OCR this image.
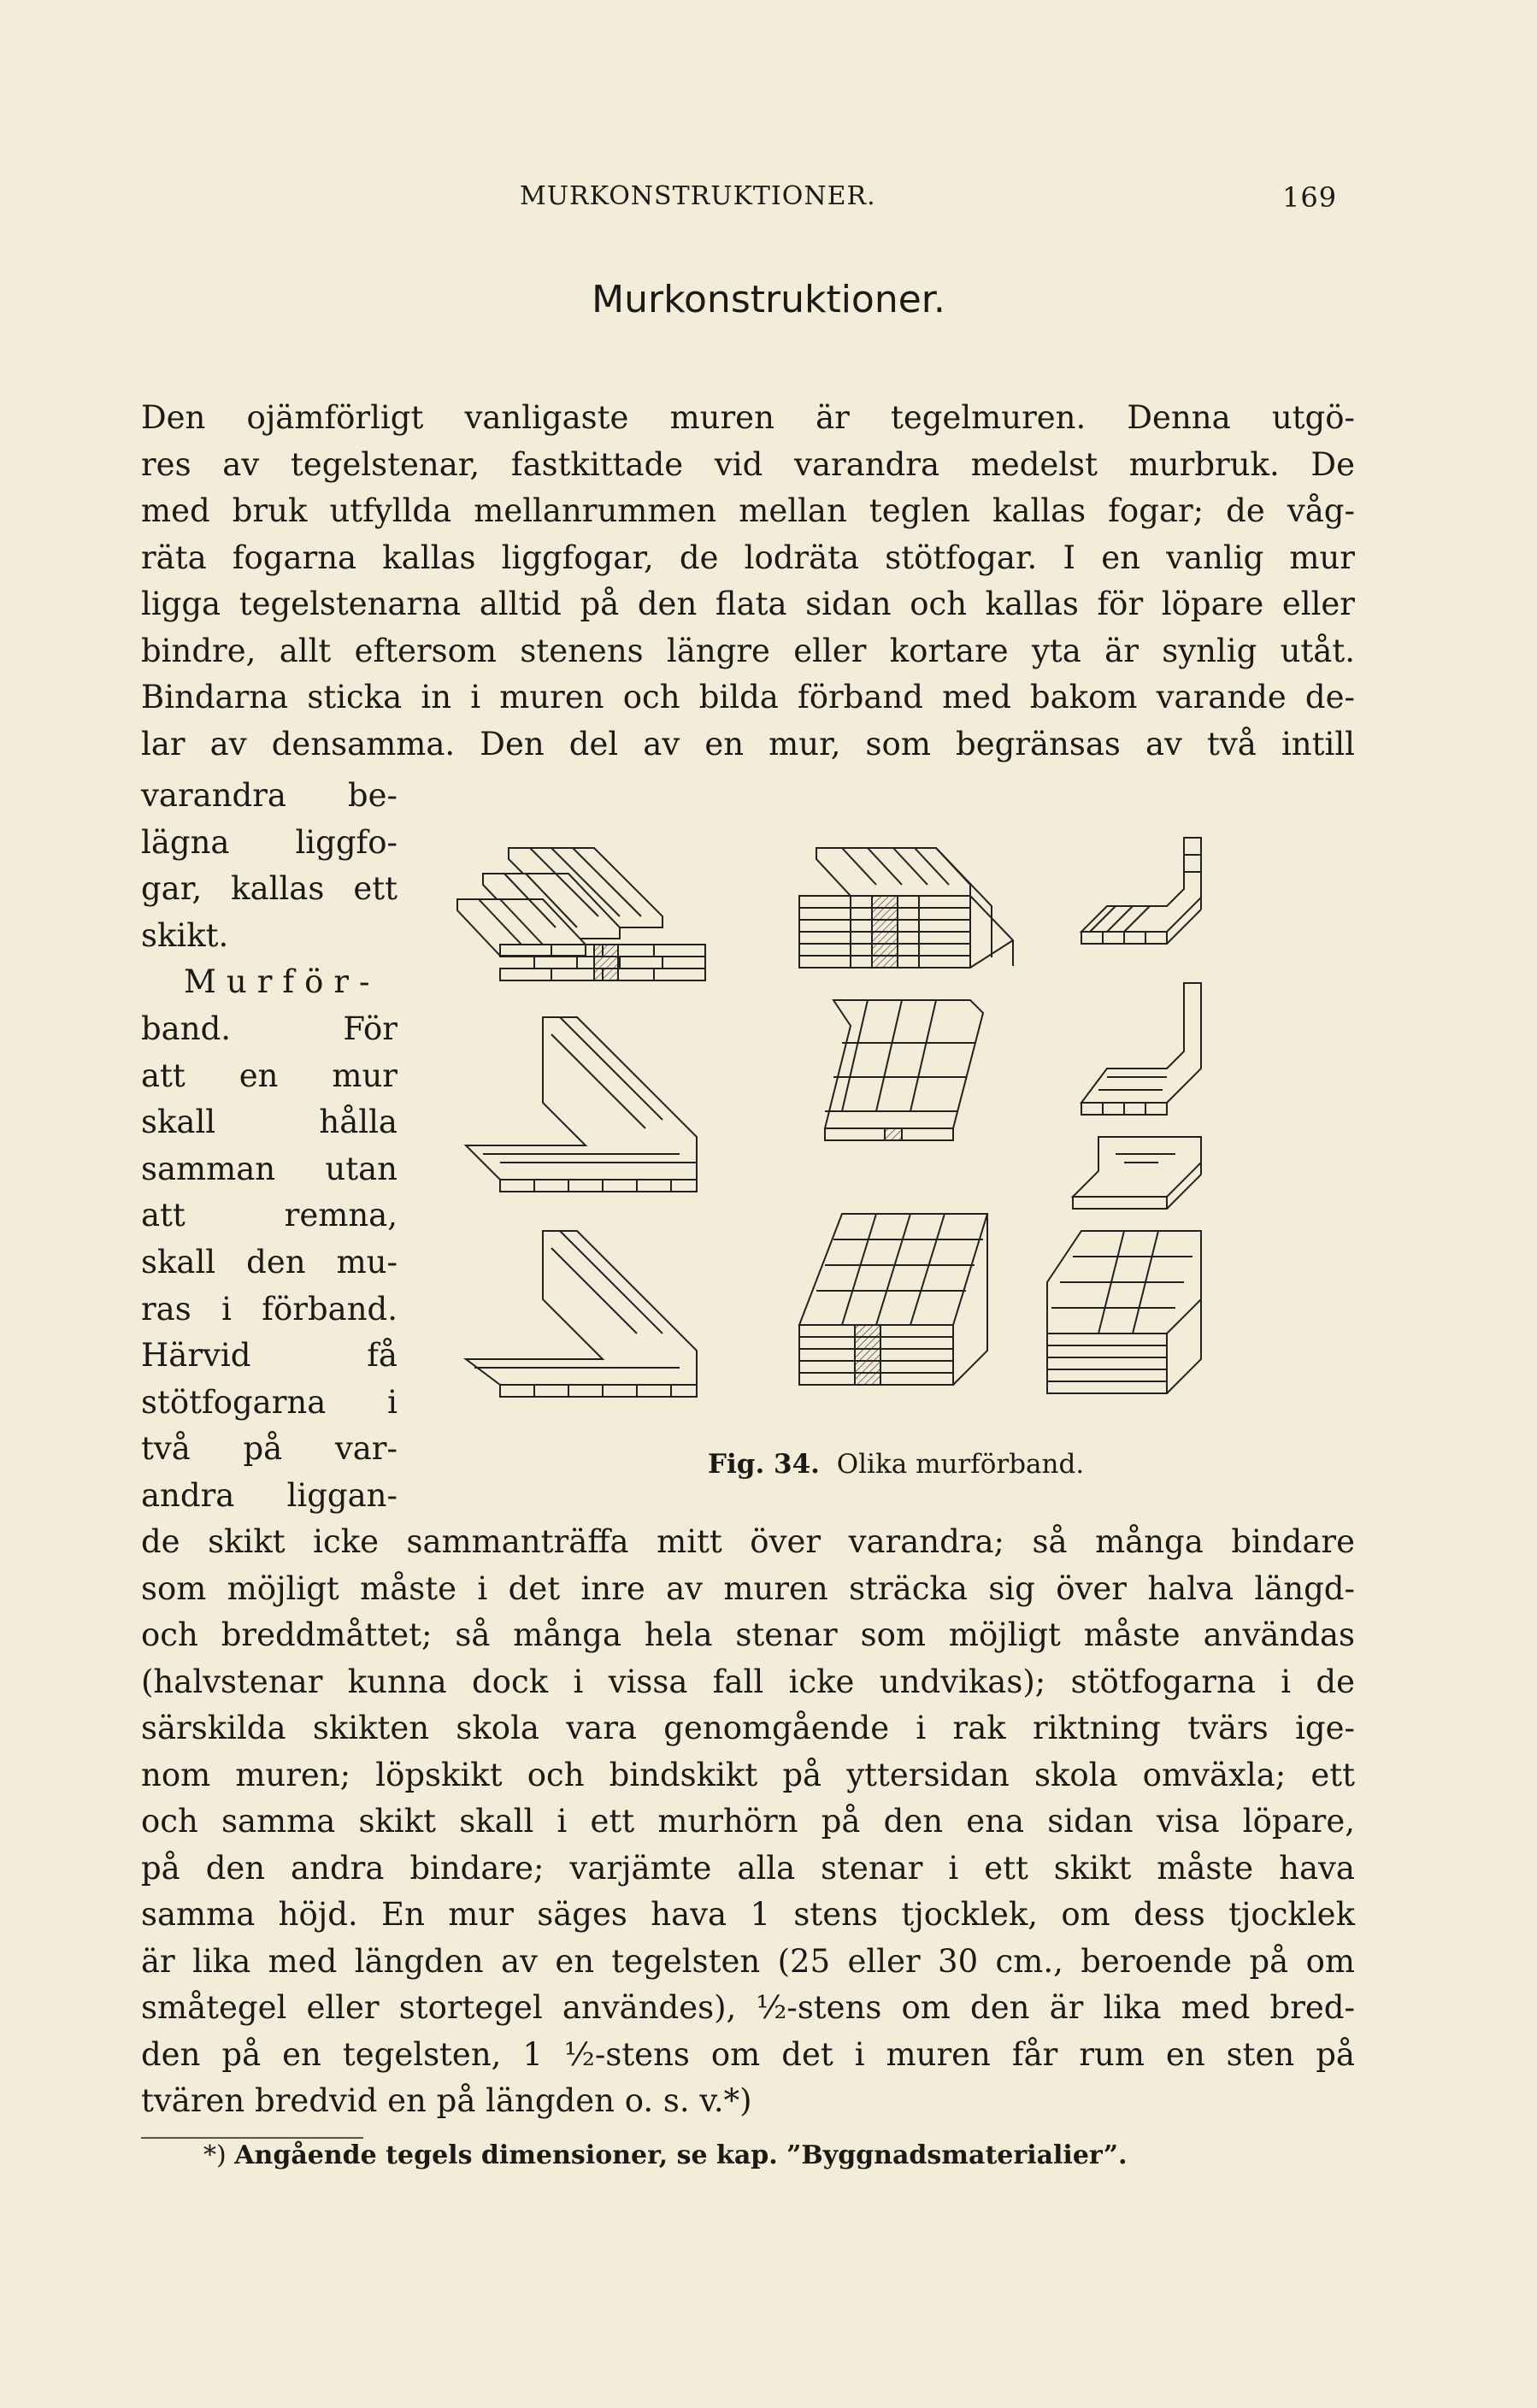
MURKONSTRUKTIONER.	169
Murkonstruktioner.
Den ojämförligt vanligaste muren är tegelmuren. Denna utgö-
res av tegelstenar, fastkittade vid varandra medelst murbruk. De
med bruk utfyllda mellanrummen mellan teglen kallas fogar; de våg-
räta fogarna kallas liggfogar, de lodräta stötfogar. I en vanlig mur
ligga tegelstenarna alltid på den flata sidan och kallas för löpare eller
bindre, allt eftersom stenens längre eller kortare yta är synlig utåt.
Bindarna sticka in i muren och bilda förband med bakom varande de-
lar av densamma. Den del av en mur, som begränsas av två intill
varandra be-
lägna liggfo-
gar, kallas ett
skikt.
Murför-
band. För
att en mur
skall hålla
samman utan
att remna,
skall den mu-
ras i förband.
Härvid få
stötfogarna i
två på var-
andra liggan-
Fig. 34. Olika murförband.
de skikt icke sammanträffa mitt över varandra; så många bindare
som möjligt måste i det inre av muren sträcka sig över halva längd-
och breddmåttet; så många hela stenar som möjligt måste användas
(halvstenar kunna dock i vissa fall icke undvikas); stötfogarna i de
särskilda skikten skola vara genomgående i rak riktning tvärs ige-
nom muren; löpskikt och bindskikt på yttersidan skola omväxla; ett
och samma skikt skall i ett murhörn på den ena sidan visa löpare,
på den andra bindare; varjämte alla stenar i ett skikt måste hava
samma höjd. En mur säges hava 1 stens tjocklek, om dess tjocklek
är lika med längden av en tegelsten (25 eller 30 cm., beroende på om
småtegel eller stortegel användes), ½-stens om den är lika med bred-
den på en tegelsten, 1 ½-stens om det i muren får rum en sten på
tvären bredvid en på längden o. s. v.*)
*) Angående tegels dimensioner, se kap. ”Byggnadsmaterialier”.
